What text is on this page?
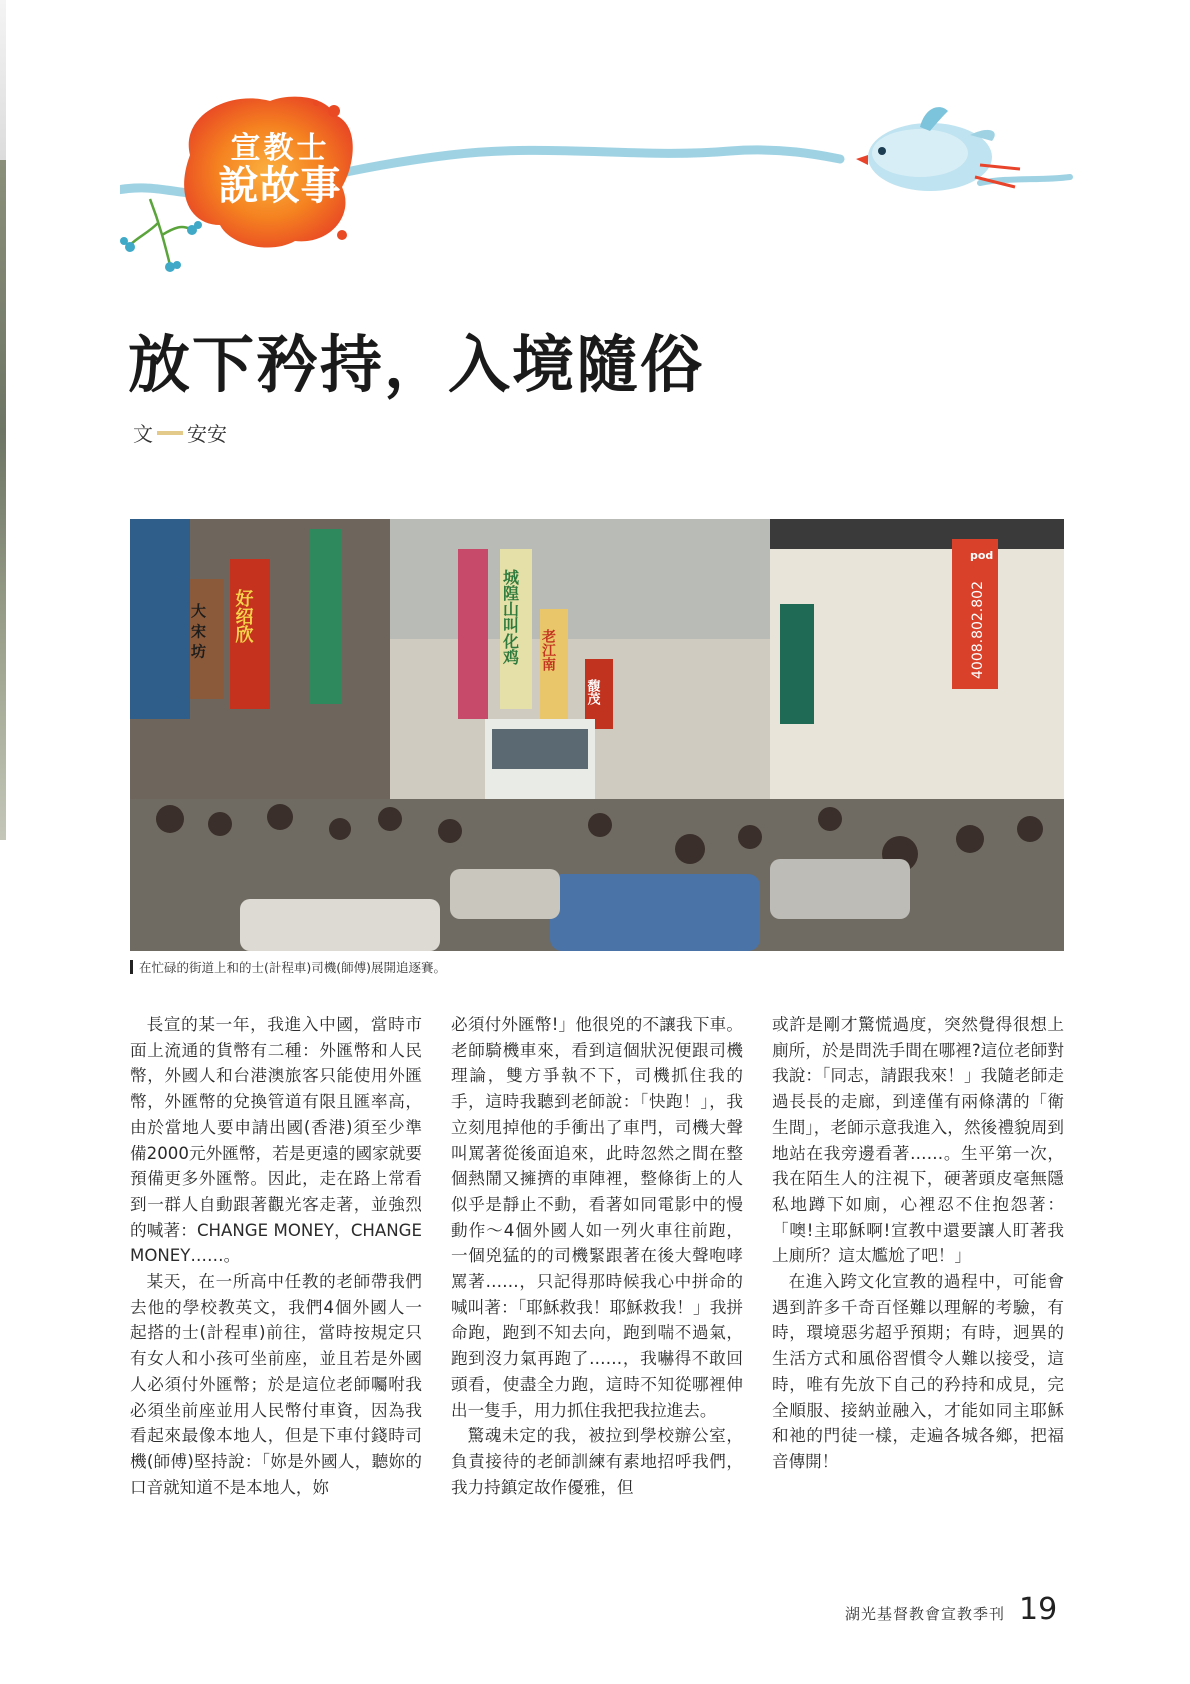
宣教士
說故事
放下矜持，入境隨俗
文 安安
pod
4008.802.802
好绍欣	城隍山叫化鸡 老江南
馥茂
大 宋 坊
在忙碌的街道上和的士(計程車)司機(師傅)展開追逐賽。

長宣的某一年，我進入中國，當時市面上流通的貨幣有二種：外匯幣和人民幣，外國人和台港澳旅客只能使用外匯幣，外匯幣的兌換管道有限且匯率高，由於當地人要申請出國(香港)須至少準備2000元外匯幣，若是更遠的國家就要預備更多外匯幣。因此，走在路上常看到一群人自動跟著觀光客走著，並強烈的喊著：CHANGE MONEY，CHANGE MONEY……。

某天，在一所高中任教的老師帶我們去他的學校教英文，我們4個外國人一起搭的士(計程車)前往，當時按規定只有女人和小孩可坐前座，並且若是外國人必須付外匯幣；於是這位老師囑咐我必須坐前座並用人民幣付車資，因為我看起來最像本地人，但是下車付錢時司機(師傅)堅持說：「妳是外國人，聽妳的口音就知道不是本地人，妳

必須付外匯幣!」他很兇的不讓我下車。老師騎機車來，看到這個狀況便跟司機理論，雙方爭執不下，司機抓住我的手，這時我聽到老師說：「快跑！」，我立刻甩掉他的手衝出了車門，司機大聲叫罵著從後面追來，此時忽然之間在整個熱鬧又擁擠的車陣裡，整條街上的人似乎是靜止不動，看著如同電影中的慢動作～4個外國人如一列火車往前跑，一個兇猛的的司機緊跟著在後大聲咆哮罵著……，只記得那時候我心中拼命的喊叫著：「耶穌救我！耶穌救我！」我拼命跑，跑到不知去向，跑到喘不過氣，跑到沒力氣再跑了……，我嚇得不敢回頭看，使盡全力跑，這時不知從哪裡伸出一隻手，用力抓住我把我拉進去。

驚魂未定的我，被拉到學校辦公室，負責接待的老師訓練有素地招呼我們，我力持鎮定故作優雅，但

或許是剛才驚慌過度，突然覺得很想上廁所，於是問洗手間在哪裡?這位老師對我說：「同志，請跟我來！」我隨老師走過長長的走廊，到達僅有兩條溝的「衛生間」，老師示意我進入，然後禮貌周到地站在我旁邊看著……。生平第一次，我在陌生人的注視下，硬著頭皮毫無隱私地蹲下如廁，心裡忍不住抱怨著：「噢!主耶穌啊!宣教中還要讓人盯著我上廁所？這太尷尬了吧！」

在進入跨文化宣教的過程中，可能會遇到許多千奇百怪難以理解的考驗，有時，環境惡劣超乎預期；有時，迥異的生活方式和風俗習慣令人難以接受，這時，唯有先放下自己的矜持和成見，完全順服、接納並融入，才能如同主耶穌和祂的門徒一樣，走遍各城各鄉，把福音傳開！

湖光基督教會宣教季刊 19
